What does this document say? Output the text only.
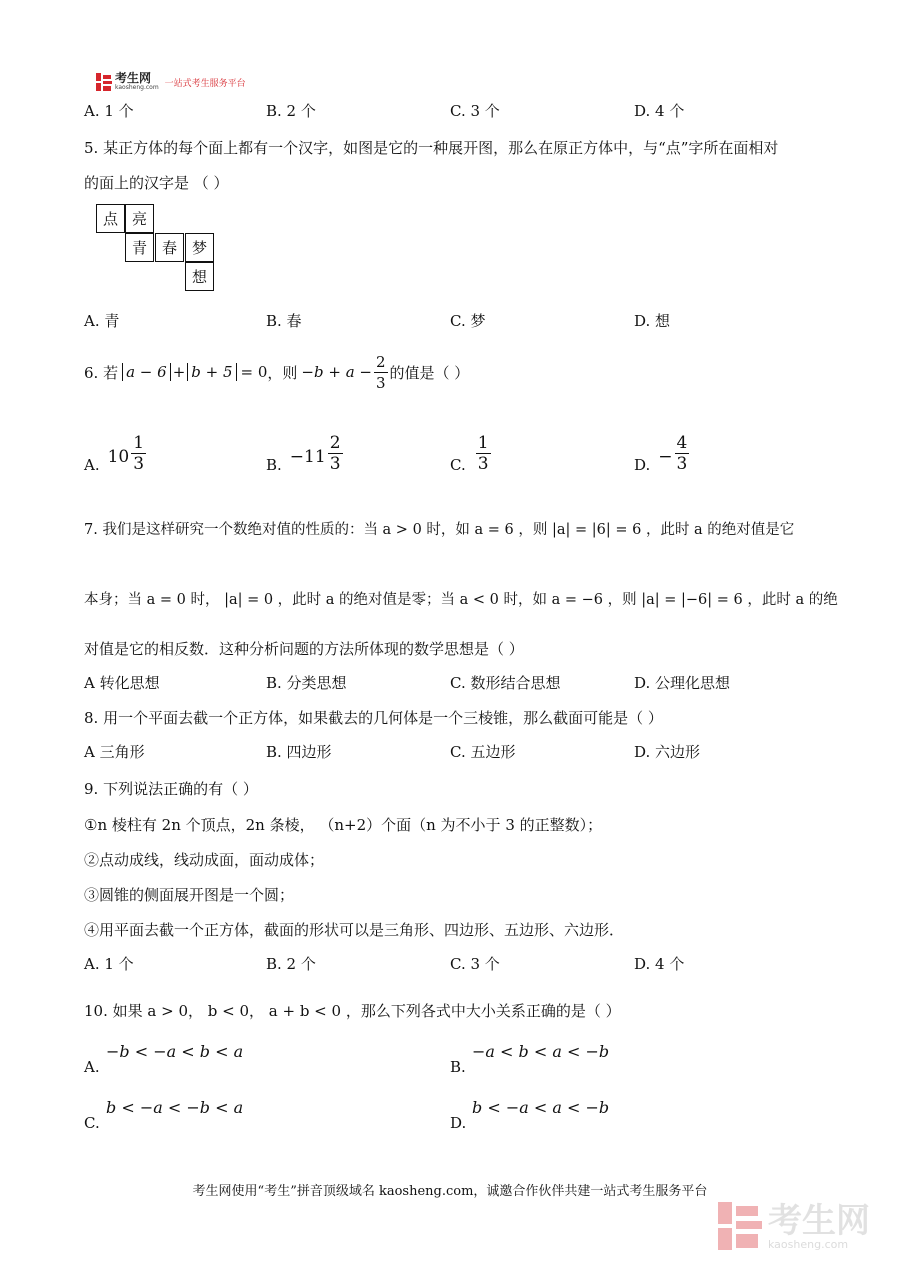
考生网
kaosheng.com 一站式考生服务平台
A. 1 个	B. 2 个	C. 3 个	D. 4 个
5. 某正方体的每个面上都有一个汉字，如图是它的一种展开图，那么在原正方体中，与“点”字所在面相对
的面上的汉字是 （ ）
点 亮
青 春 梦
想
A. 青	B. 春	C. 梦	D. 想
6. 若 a − 6 + b + 5 = 0 ，则 $-b + a - \frac{2}{3}$ 的值是（ ）
A. $10 \frac{1}{3}$	B. − $11 \frac{2}{3}$	C. $\frac{1}{3}$	D. − $\frac{4}{3}$
7. 我们是这样研究一个数绝对值的性质的：当 a > 0 时，如 a = 6 ，则 |a| = |6| = 6 ，此时 a 的绝对值是它
本身；当 a = 0 时， |a| = 0 ，此时 a 的绝对值是零；当 a < 0 时，如 a = −6 ，则 |a| = |−6| = 6 ，此时 a 的绝
对值是它的相反数．这种分析问题的方法所体现的数学思想是（ ）
A 转化思想	B. 分类思想	C. 数形结合思想	D. 公理化思想
8. 用一个平面去截一个正方体，如果截去的几何体是一个三棱锥，那么截面可能是（ ）
A 三角形	B. 四边形	C. 五边形	D. 六边形
9. 下列说法正确的有（ ）
①n 棱柱有 2n 个顶点，2n 条棱， （n+2）个面（n 为不小于 3 的正整数）；
②点动成线，线动成面，面动成体；
③圆锥的侧面展开图是一个圆；
④用平面去截一个正方体，截面的形状可以是三角形、四边形、五边形、六边形．
A. 1 个	B. 2 个	C. 3 个	D. 4 个
10. 如果 a > 0， b < 0， a + b < 0 ，那么下列各式中大小关系正确的是（ ）
−b < −a < b < a
A.
−a < b < a < −b
B.
b < −a < −b < a
C.
b < −a < a < −b
D.
考生网使用“考生”拼音顶级域名 kaosheng.com，诚邀合作伙伴共建一站式考生服务平台
考生网
kaosheng.com
